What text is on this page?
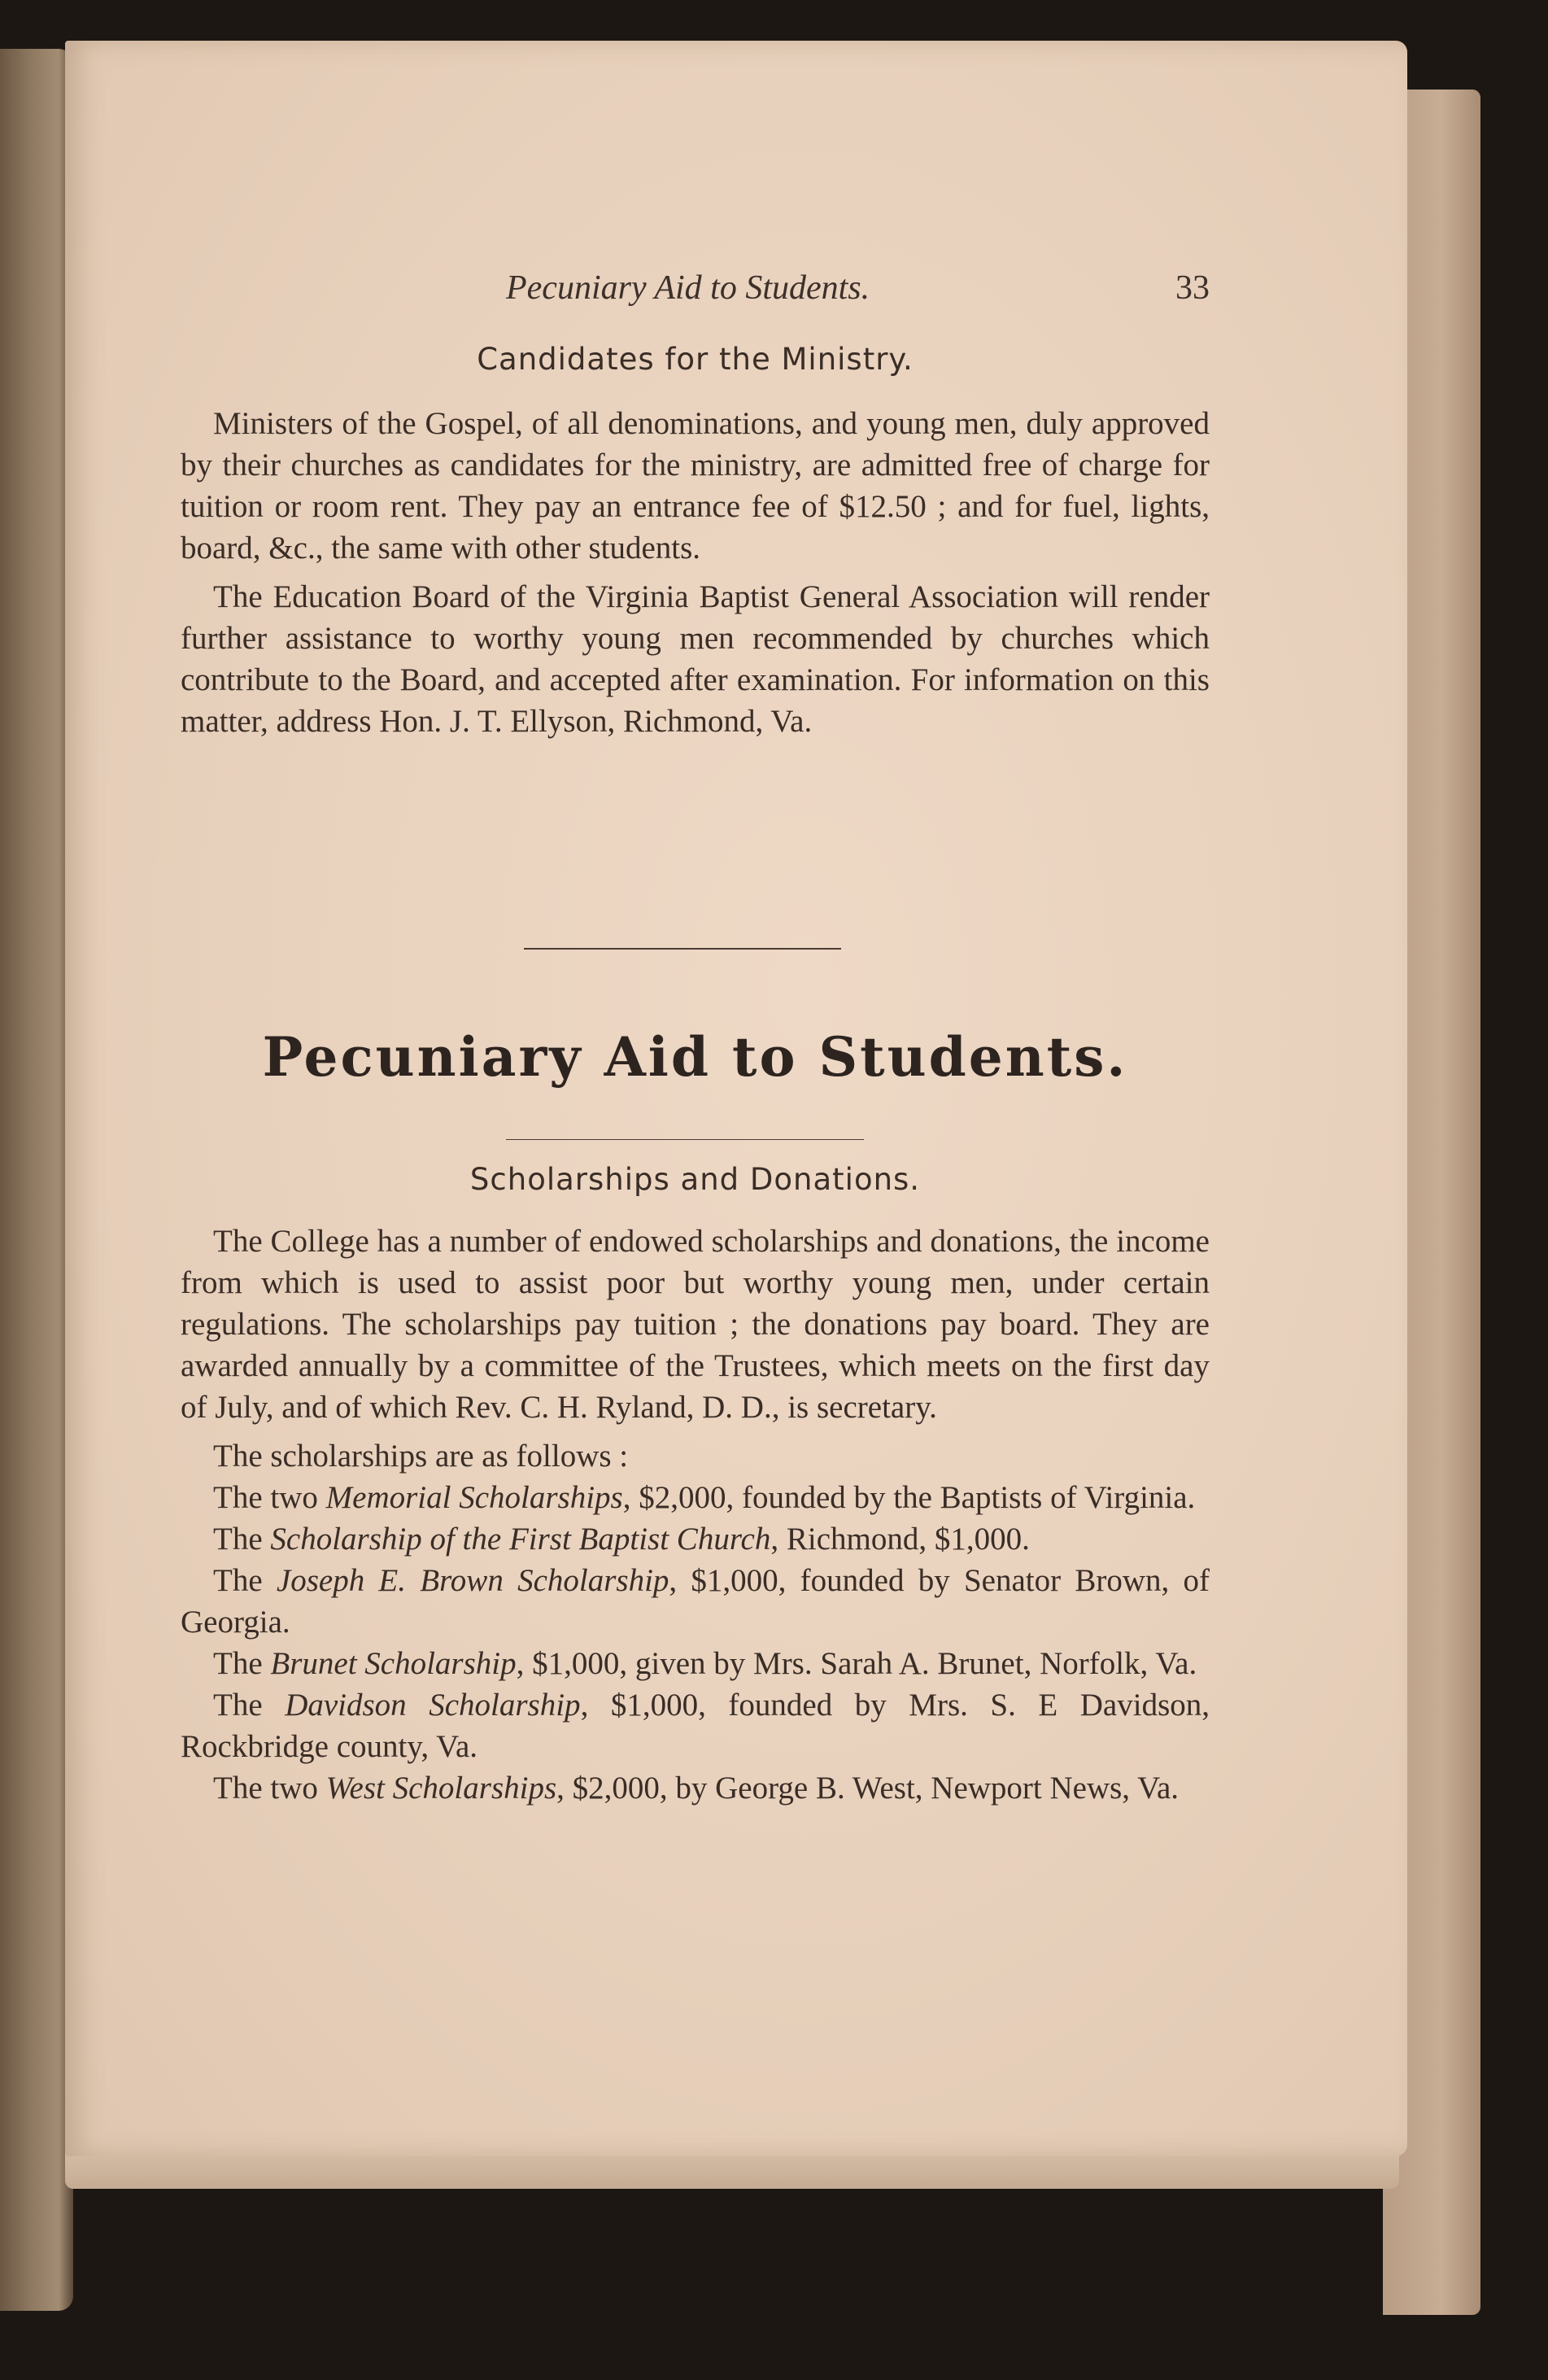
Pecuniary Aid to Students.	33
Candidates for the Ministry.

Ministers of the Gospel, of all denominations, and young men, duly approved by their churches as candidates for the ministry, are admitted free of charge for tuition or room rent. They pay an entrance fee of $12.50 ; and for fuel, lights, board, &c., the same with other students.

The Education Board of the Virginia Baptist General Association will render further assistance to worthy young men recommended by churches which contribute to the Board, and accepted after examination. For information on this matter, address Hon. J. T. Ellyson, Richmond, Va.

Pecuniary Aid to Students.
Scholarships and Donations.

The College has a number of endowed scholarships and donations, the income from which is used to assist poor but worthy young men, under certain regulations. The scholarships pay tuition ; the donations pay board. They are awarded annually by a committee of the Trustees, which meets on the first day of July, and of which Rev. C. H. Ryland, D. D., is secretary.

The scholarships are as follows :

The two Memorial Scholarships, $2,000, founded by the Baptists of Virginia.

The Scholarship of the First Baptist Church, Richmond, $1,000.

The Joseph E. Brown Scholarship, $1,000, founded by Senator Brown, of Georgia.

The Brunet Scholarship, $1,000, given by Mrs. Sarah A. Brunet, Norfolk, Va.

The Davidson Scholarship, $1,000, founded by Mrs. S. E Davidson, Rockbridge county, Va.

The two West Scholarships, $2,000, by George B. West, Newport News, Va.
